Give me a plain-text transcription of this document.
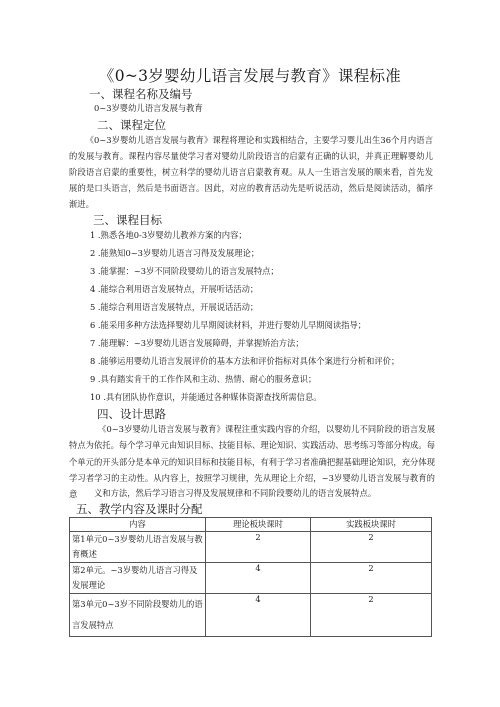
《0~3岁婴幼儿语言发展与教育》课程标准
一、课程名称及编号
0~3岁婴幼儿语言发展与教育
二、课程定位
《0~3岁婴幼儿语言发展与教育》课程将理论和实践相结合，主要学习婴儿出生36个月内语言的发展与教育。课程内容尽量使学习者对婴幼儿阶段语言的启蒙有正确的认识，并真正理解婴幼儿阶段语言启蒙的重要性，树立科学的婴幼儿语言启蒙教育观。从人一生语言发展的顺来看，首先发展的是口头语言，然后是书面语言。因此，对应的教育活动先是听说活动，然后是阅读活动，循序渐进。
三、课程目标
1 .熟悉各地0-3岁婴幼儿教养方案的内容；
2 .能熟知0~3岁婴幼儿语言习得及发展理论；
3 .能掌握：~3岁不同阶段婴幼儿的语言发展特点；
4 .能综合利用语言发展特点，开展听话活动；
5 .能综合利用语言发展特点，开展说话活动；
6 .能采用多种方法选择婴幼儿早期阅读材料，并进行婴幼儿早期阅读指导；
7 .能理解：~3岁婴幼儿语言发展障碍，并掌握矫治方法；
8 .能够运用婴幼儿语言发展评价的基本方法和评价指标对具体个案进行分析和评价；
9 .具有踏实肯干的工作作风和主动、热情、耐心的服务意识；
10 .具有团队协作意识，并能通过各种媒体资源查找所需信息。
四、设计思路
《0~3岁婴幼儿语言发展与教育》课程注重实践内容的介绍，以婴幼儿不同阶段的语言发展特点为依托。每个学习单元由知识目标、技能目标、理论知识、实践活动、思考练习等部分构成。每个单元的开头部分是本单元的知识目标和技能目标，有利于学习者准确把握基础理论知识，充分体现学习者学习的主动性。从内容上，按照学习规律，先从理论上介绍，~3岁婴幼儿语言发展与教育的意	义和方法，然后学习语言习得及发展规律和不同阶段婴幼儿的语言发展特点。
五、教学内容及课时分配
内容	理论板块课时	实践板块课时
第1单元0~3岁婴幼儿语言发展与教育概述	2	2
第2单元。~3岁婴幼儿语言习得及发展理论	4	2
第3单元0~3岁不同阶段婴幼儿的语言发展特点	4	2
